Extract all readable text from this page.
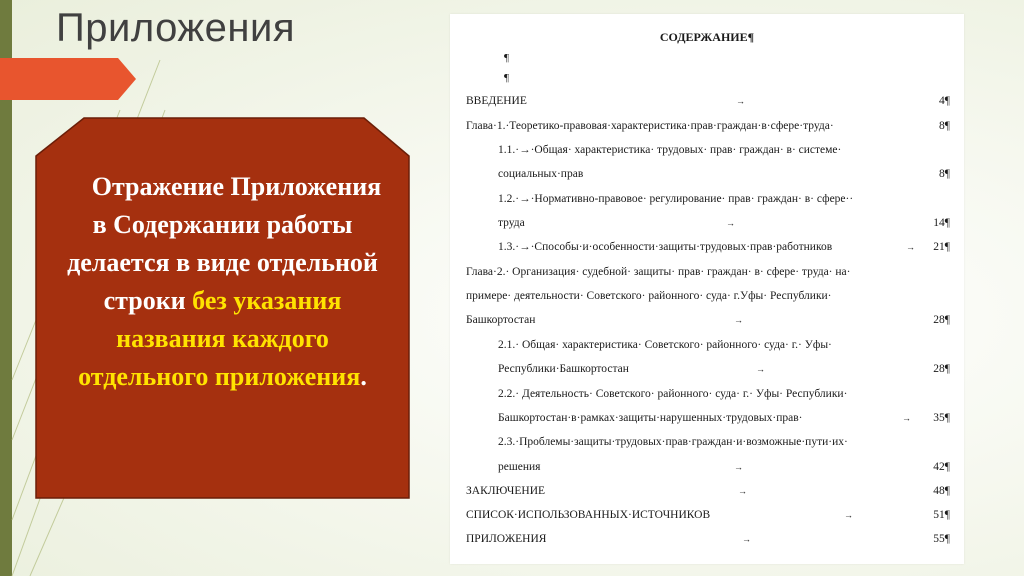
Приложения
Отражение Приложения в Содержании работы делается в виде отдельной строки без указания названия каждого отдельного приложения.
СОДЕРЖАНИЕ¶
¶
¶
ВВЕДЕНИЕ	→	4¶
Глава·1.·Теоретико-правовая·характеристика·прав·граждан·в·сфере·труда·	8¶
1.1.·→·Общая· характеристика· трудовых· прав· граждан· в· системе·
социальных·прав	8¶
1.2.·→·Нормативно-правовое· регулирование· прав· граждан· в· сфере··
труда	→	14¶
1.3.·→·Способы·и·особенности·защиты·трудовых·прав·работников	→ 21¶
Глава·2.· Организация· судебной· защиты· прав· граждан· в· сфере· труда· на·
примере· деятельности· Советского· районного· суда· г.Уфы· Республики·
Башкортостан	→	28¶
2.1.· Общая· характеристика· Советского· районного· суда· г.· Уфы·
Республики·Башкортостан	→	28¶
2.2.· Деятельность· Советского· районного· суда· г.· Уфы· Республики·
Башкортостан·в·рамках·защиты·нарушенных·трудовых·прав·	→ 35¶
2.3.·Проблемы·защиты·трудовых·прав·граждан·и·возможные·пути·их·
решения	→	42¶
ЗАКЛЮЧЕНИЕ	→	48¶
СПИСОК·ИСПОЛЬЗОВАННЫХ·ИСТОЧНИКОВ	→	51¶
ПРИЛОЖЕНИЯ	→	55¶
